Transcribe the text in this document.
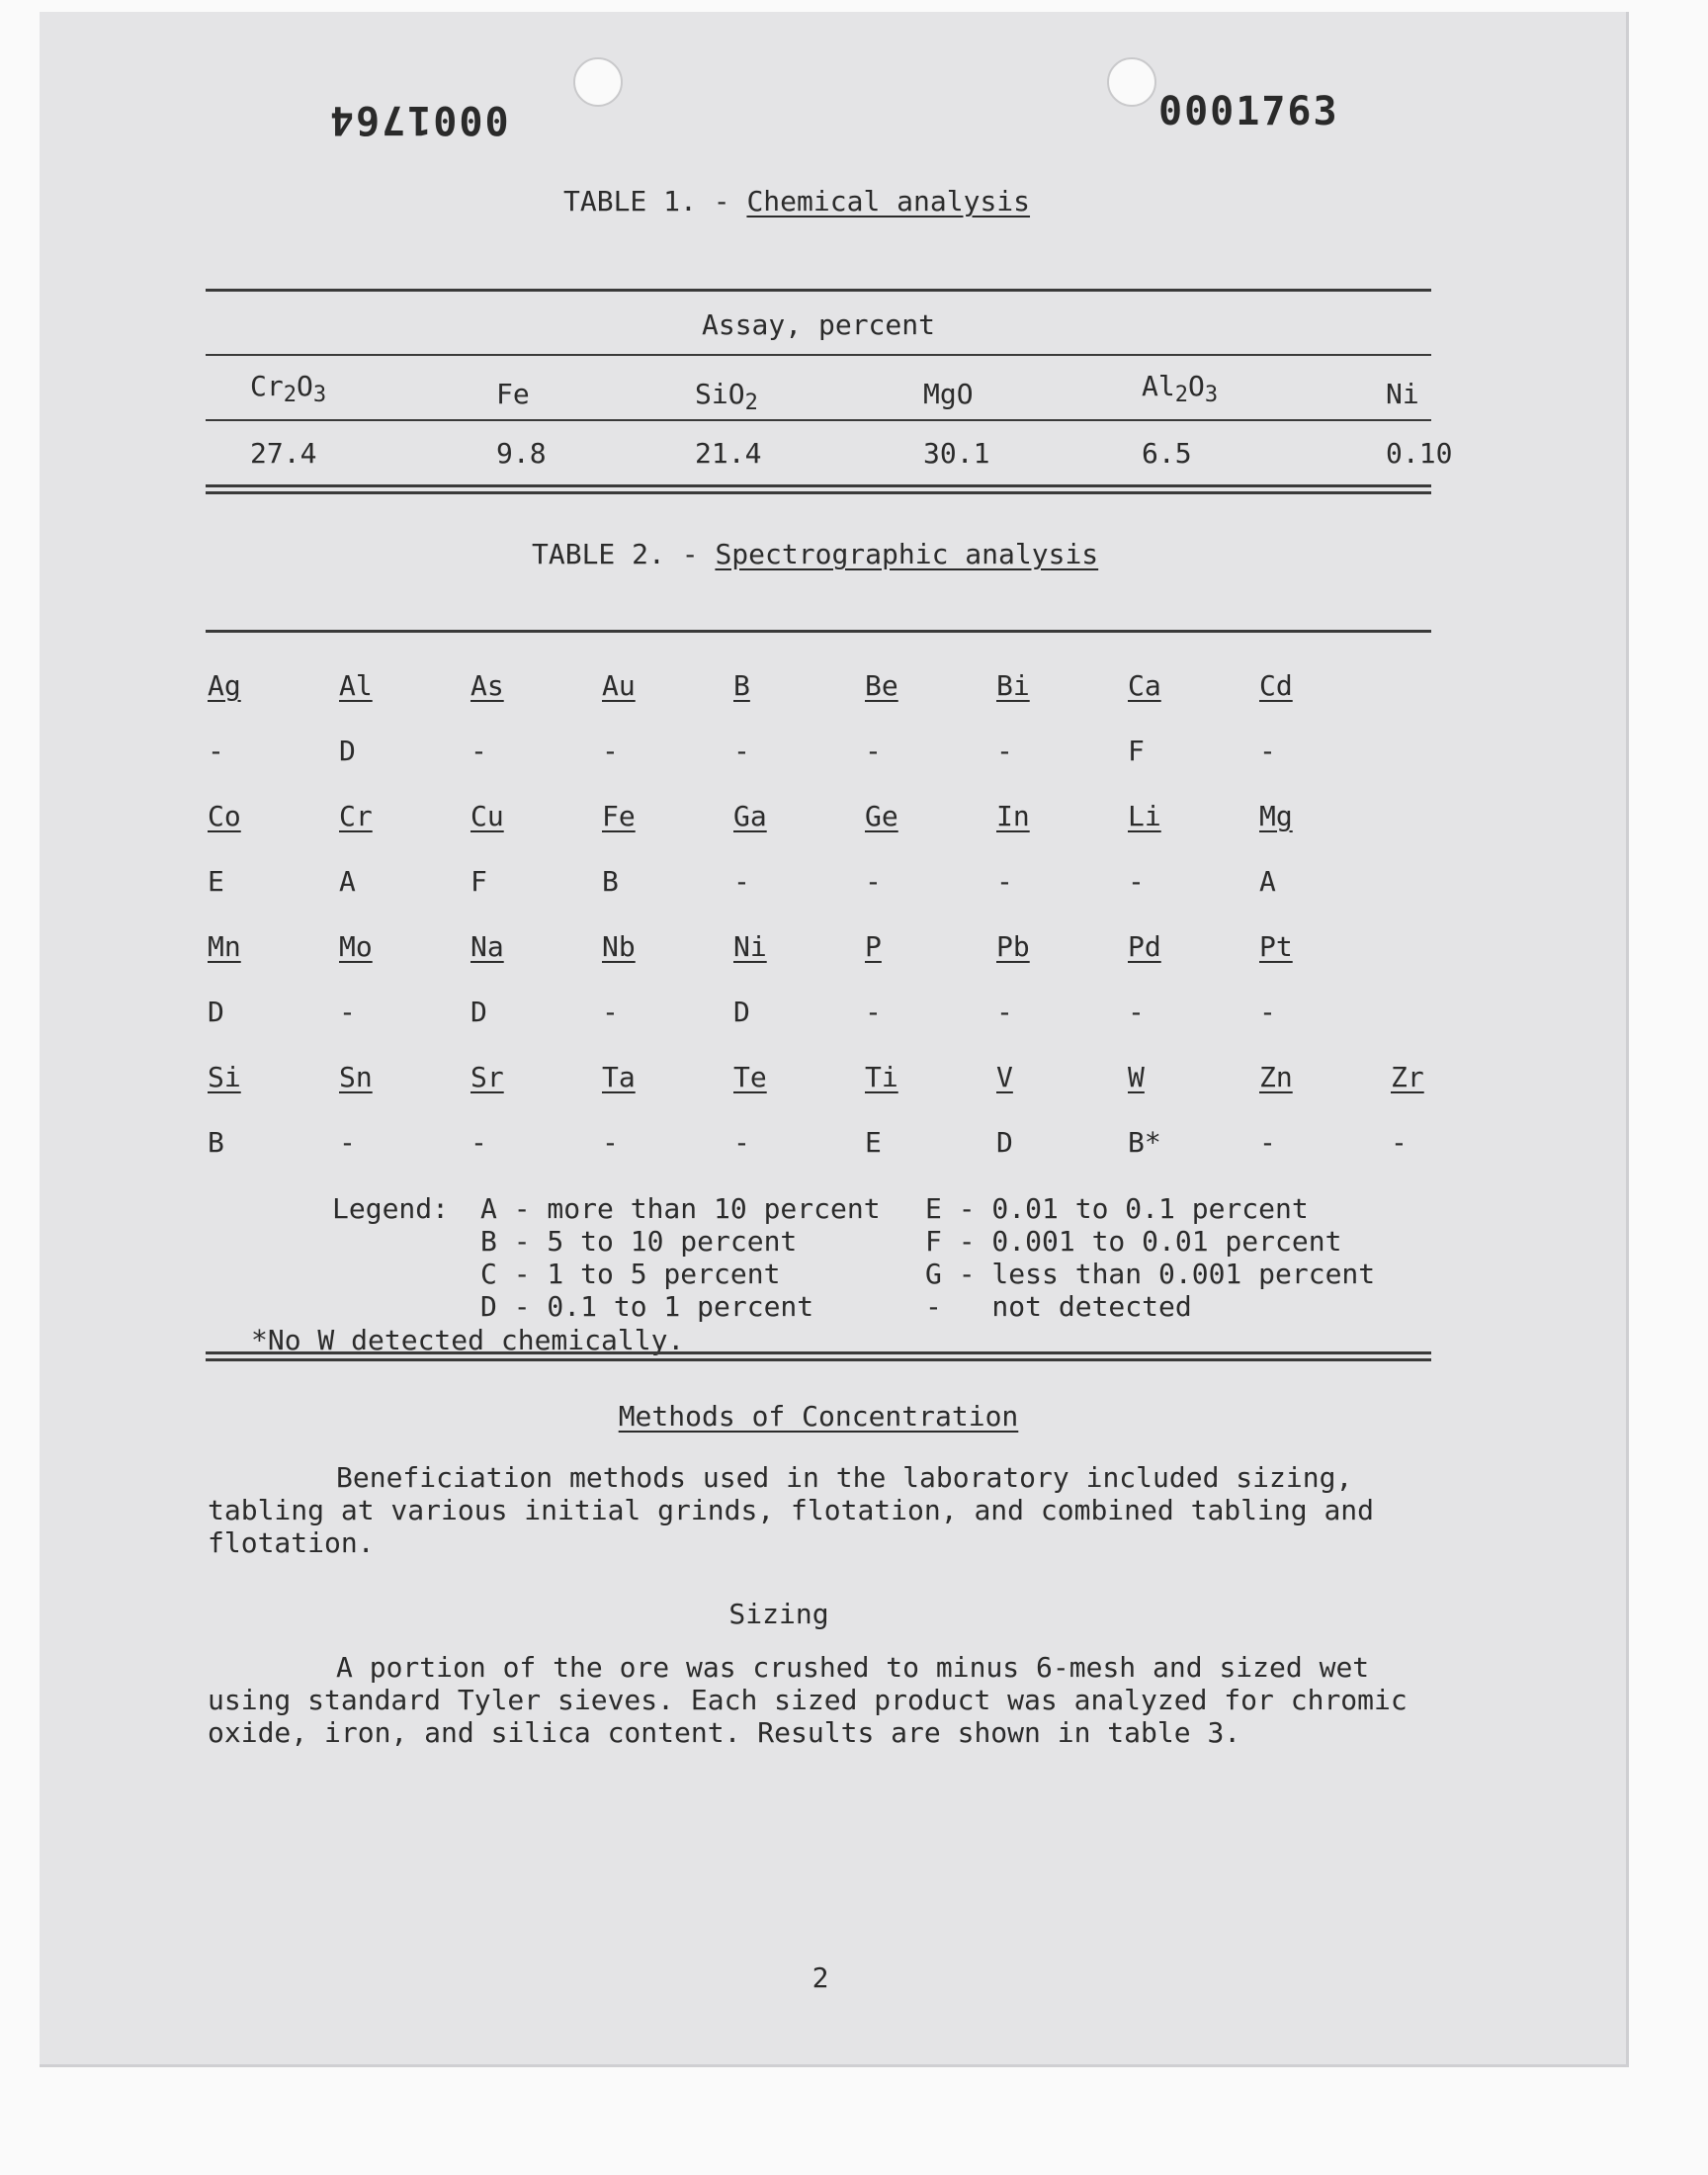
0001764	0001763
TABLE 1. - Chemical analysis
Assay, percent
$Cr_2O_3$	Fe	SiO$_2$	MgO	$Al_2O_3$	Ni
27.4	9.8	21.4	30.1	6.5	0.10
TABLE 2. - Spectrographic analysis
Ag	Al	As	Au	B	Be	Bi	Ca	Cd
-	D	-	-	-	-	-	F	-
Co	Cr	Cu	Fe	Ga	Ge	In	Li	Mg
E	A	F	B	-	-	-	-	A
Mn	Mo	Na	Nb	Ni	P	Pb	Pd	Pt
D	-	D	-	D	-	-	-	-
Si	Sn	Sr	Ta	Te	Ti	V	W	Zn	Zr
B	-	-	-	-	E	D	B*	-	-
Legend: A - more than 10 percent
B - 5 to 10 percent
C - 1 to 5 percent
D - 0.1 to 1 percent
E - 0.01 to 0.1 percent
F - 0.001 to 0.01 percent
G - less than 0.001 percent
-   not detected
*No W detected chemically.
Methods of Concentration
Beneficiation methods used in the laboratory included sizing, tabling at various initial grinds, flotation, and combined tabling and flotation.
Sizing
A portion of the ore was crushed to minus 6-mesh and sized wet using standard Tyler sieves. Each sized product was analyzed for chromic oxide, iron, and silica content. Results are shown in table 3.
2
